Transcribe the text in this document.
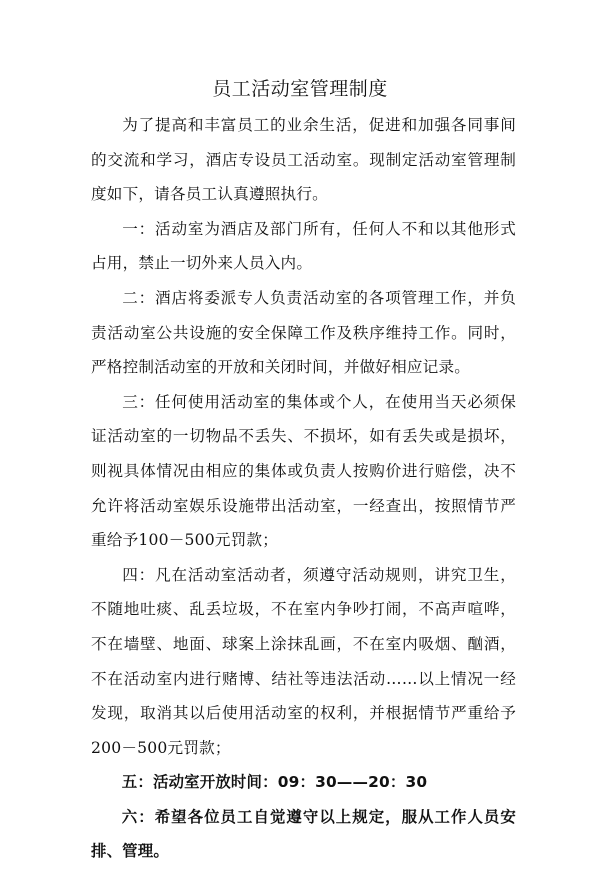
员工活动室管理制度

为了提高和丰富员工的业余生活，促进和加强各同事间的交流和学习，酒店专设员工活动室。现制定活动室管理制度如下，请各员工认真遵照执行。

一：活动室为酒店及部门所有，任何人不和以其他形式占用，禁止一切外来人员入内。

二：酒店将委派专人负责活动室的各项管理工作，并负责活动室公共设施的安全保障工作及秩序维持工作。同时，严格控制活动室的开放和关闭时间，并做好相应记录。

三：任何使用活动室的集体或个人，在使用当天必须保证活动室的一切物品不丢失、不损坏，如有丢失或是损坏，则视具体情况由相应的集体或负责人按购价进行赔偿，决不允许将活动室娱乐设施带出活动室，一经查出，按照情节严重给予100－500元罚款；

四：凡在活动室活动者，须遵守活动规则，讲究卫生，不随地吐痰、乱丢垃圾，不在室内争吵打闹，不高声喧哗，不在墙壁、地面、球案上涂抹乱画，不在室内吸烟、酗酒，不在活动室内进行赌博、结社等违法活动……以上情况一经发现，取消其以后使用活动室的权利，并根据情节严重给予200－500元罚款；

五：活动室开放时间：09：30——20：30

六：希望各位员工自觉遵守以上规定，服从工作人员安排、管理。
